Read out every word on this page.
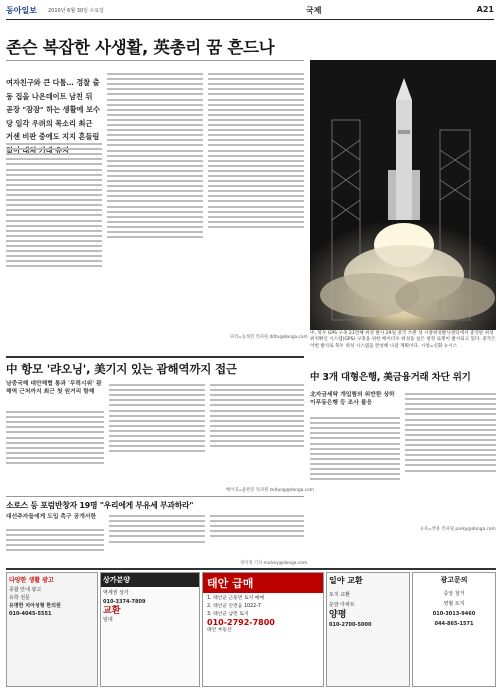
동아일보 2010년 6월 30일 수요일	국제	A21
존슨 복잡한 사생활, 英총리 꿈 흔드나
여자친구와 큰 다툼… 경찰 출동 집을 나온데이트 남친 뒤 곧장 "잠잠" 하는 생활에 보수당 일각 우려의 목소리 최근 거센 비판 중에도 지지 흔들림
파리=동정민 특파원 ditto@donga.com
中, 북두 GPS 구축 21번째 위성 발사 29일 중국 쓰촨 성 시창위성발사센터에서 중국판 위성위치확인 시스템(GPS) 구축을 위한 베이더우 위성을 실은 창정 로켓이 발사되고 있다. 중국은 이번 발사로 북두 위성 시스템을 완성해 나갈 계획이다. 시창=신화 뉴시스
中 항모 '랴오닝', 美기지 있는 괌해역까지 접근
남중국해 대만해협 통과 '무력시위' 괌해역 근처까지 최근 첫 원거리 항해
베이징=윤완준 특파원 zeitung@donga.com
中 3개 대형은행, 美금융거래 차단 위기
北자금세탁 개입혐의 위반한 상하이푸동은행 등 조사 불응
뉴욕=박용 특파원 parky@donga.com
소로스 등 포럼반창자 19명 "우리에게 부유세 부과하라"
대선주자들에게 도입 촉구 공개서한
정미경 기자 mickey@donga.com
다양한 생활 광고
종합 안내 광고
유학 전문
유명한 치아성형 한의원
010-4045-5551
상가분양
역세권 상가
010-3374-7809
교환
임대
태안 급매
1. 태안군 근흥면 토지 매매
2. 태안군 안면읍 1022-7
3. 태안군 남면 토지
010-2792-7800
태안 부동산
일야 교환
토지 교환
운암 아파트
양평
010-2700-5000
광고문의
중앙 철거
영월 토지
010-3013-9460
044-865-1571
